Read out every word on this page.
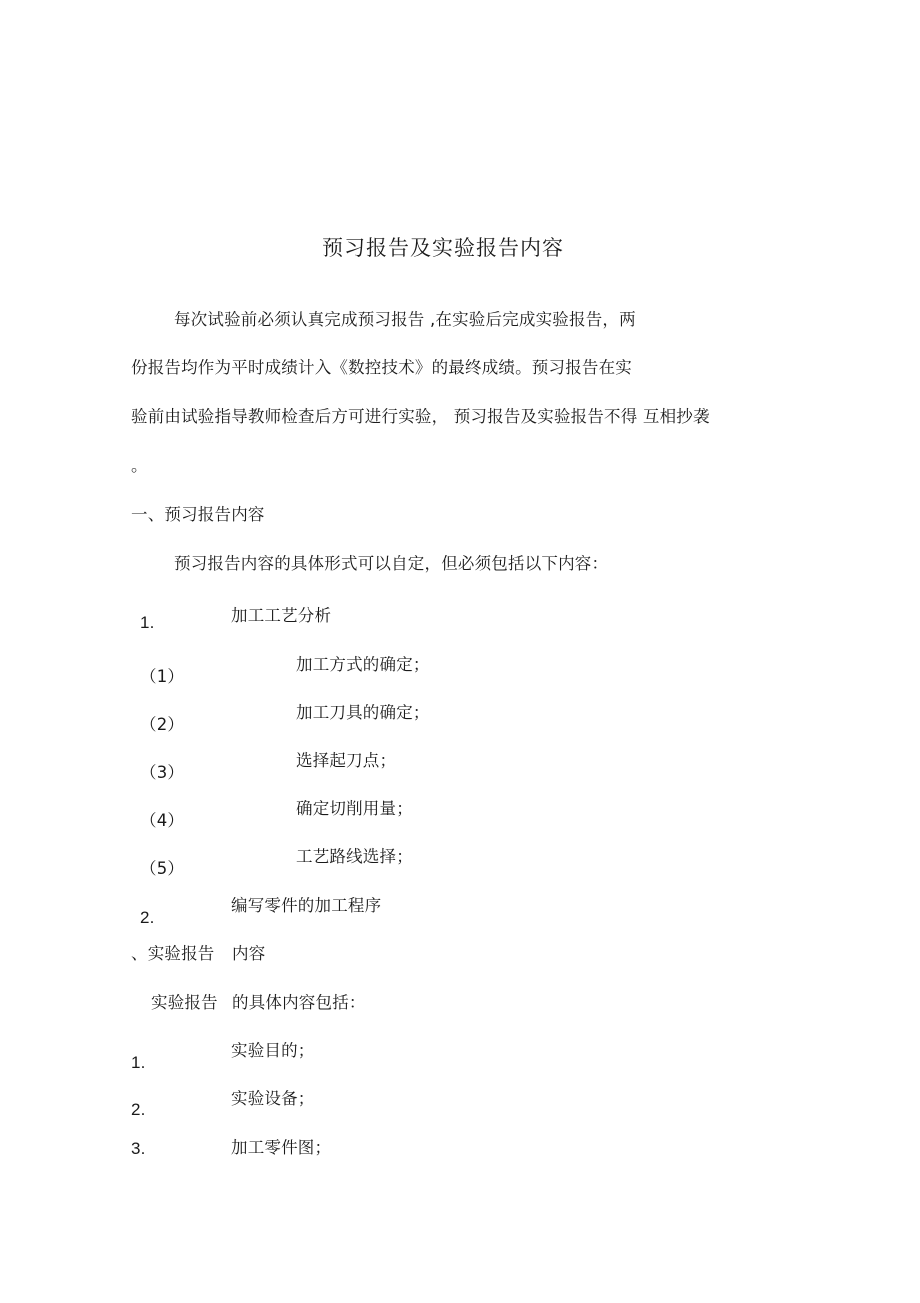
预习报告及实验报告内容
每次试验前必须认真完成预习报告 ,在实验后完成实验报告，两
份报告均作为平时成绩计入《数控技术》的最终成绩。预习报告在实
验前由试验指导教师检查后方可进行实验， 预习报告及实验报告不得 互相抄袭
。
一、预习报告内容
预习报告内容的具体形式可以自定，但必须包括以下内容：
1.	加工工艺分析
（1）
加工方式的确定；
（2）
加工刀具的确定；
（3）
选择起刀点；
（4）
确定切削用量；
（5）
工艺路线选择；
2.
编写零件的加工程序
、实验报告 内容
实验报告 的具体内容包括：
1.
实验目的；
2.
实验设备；
3.	加工零件图；
